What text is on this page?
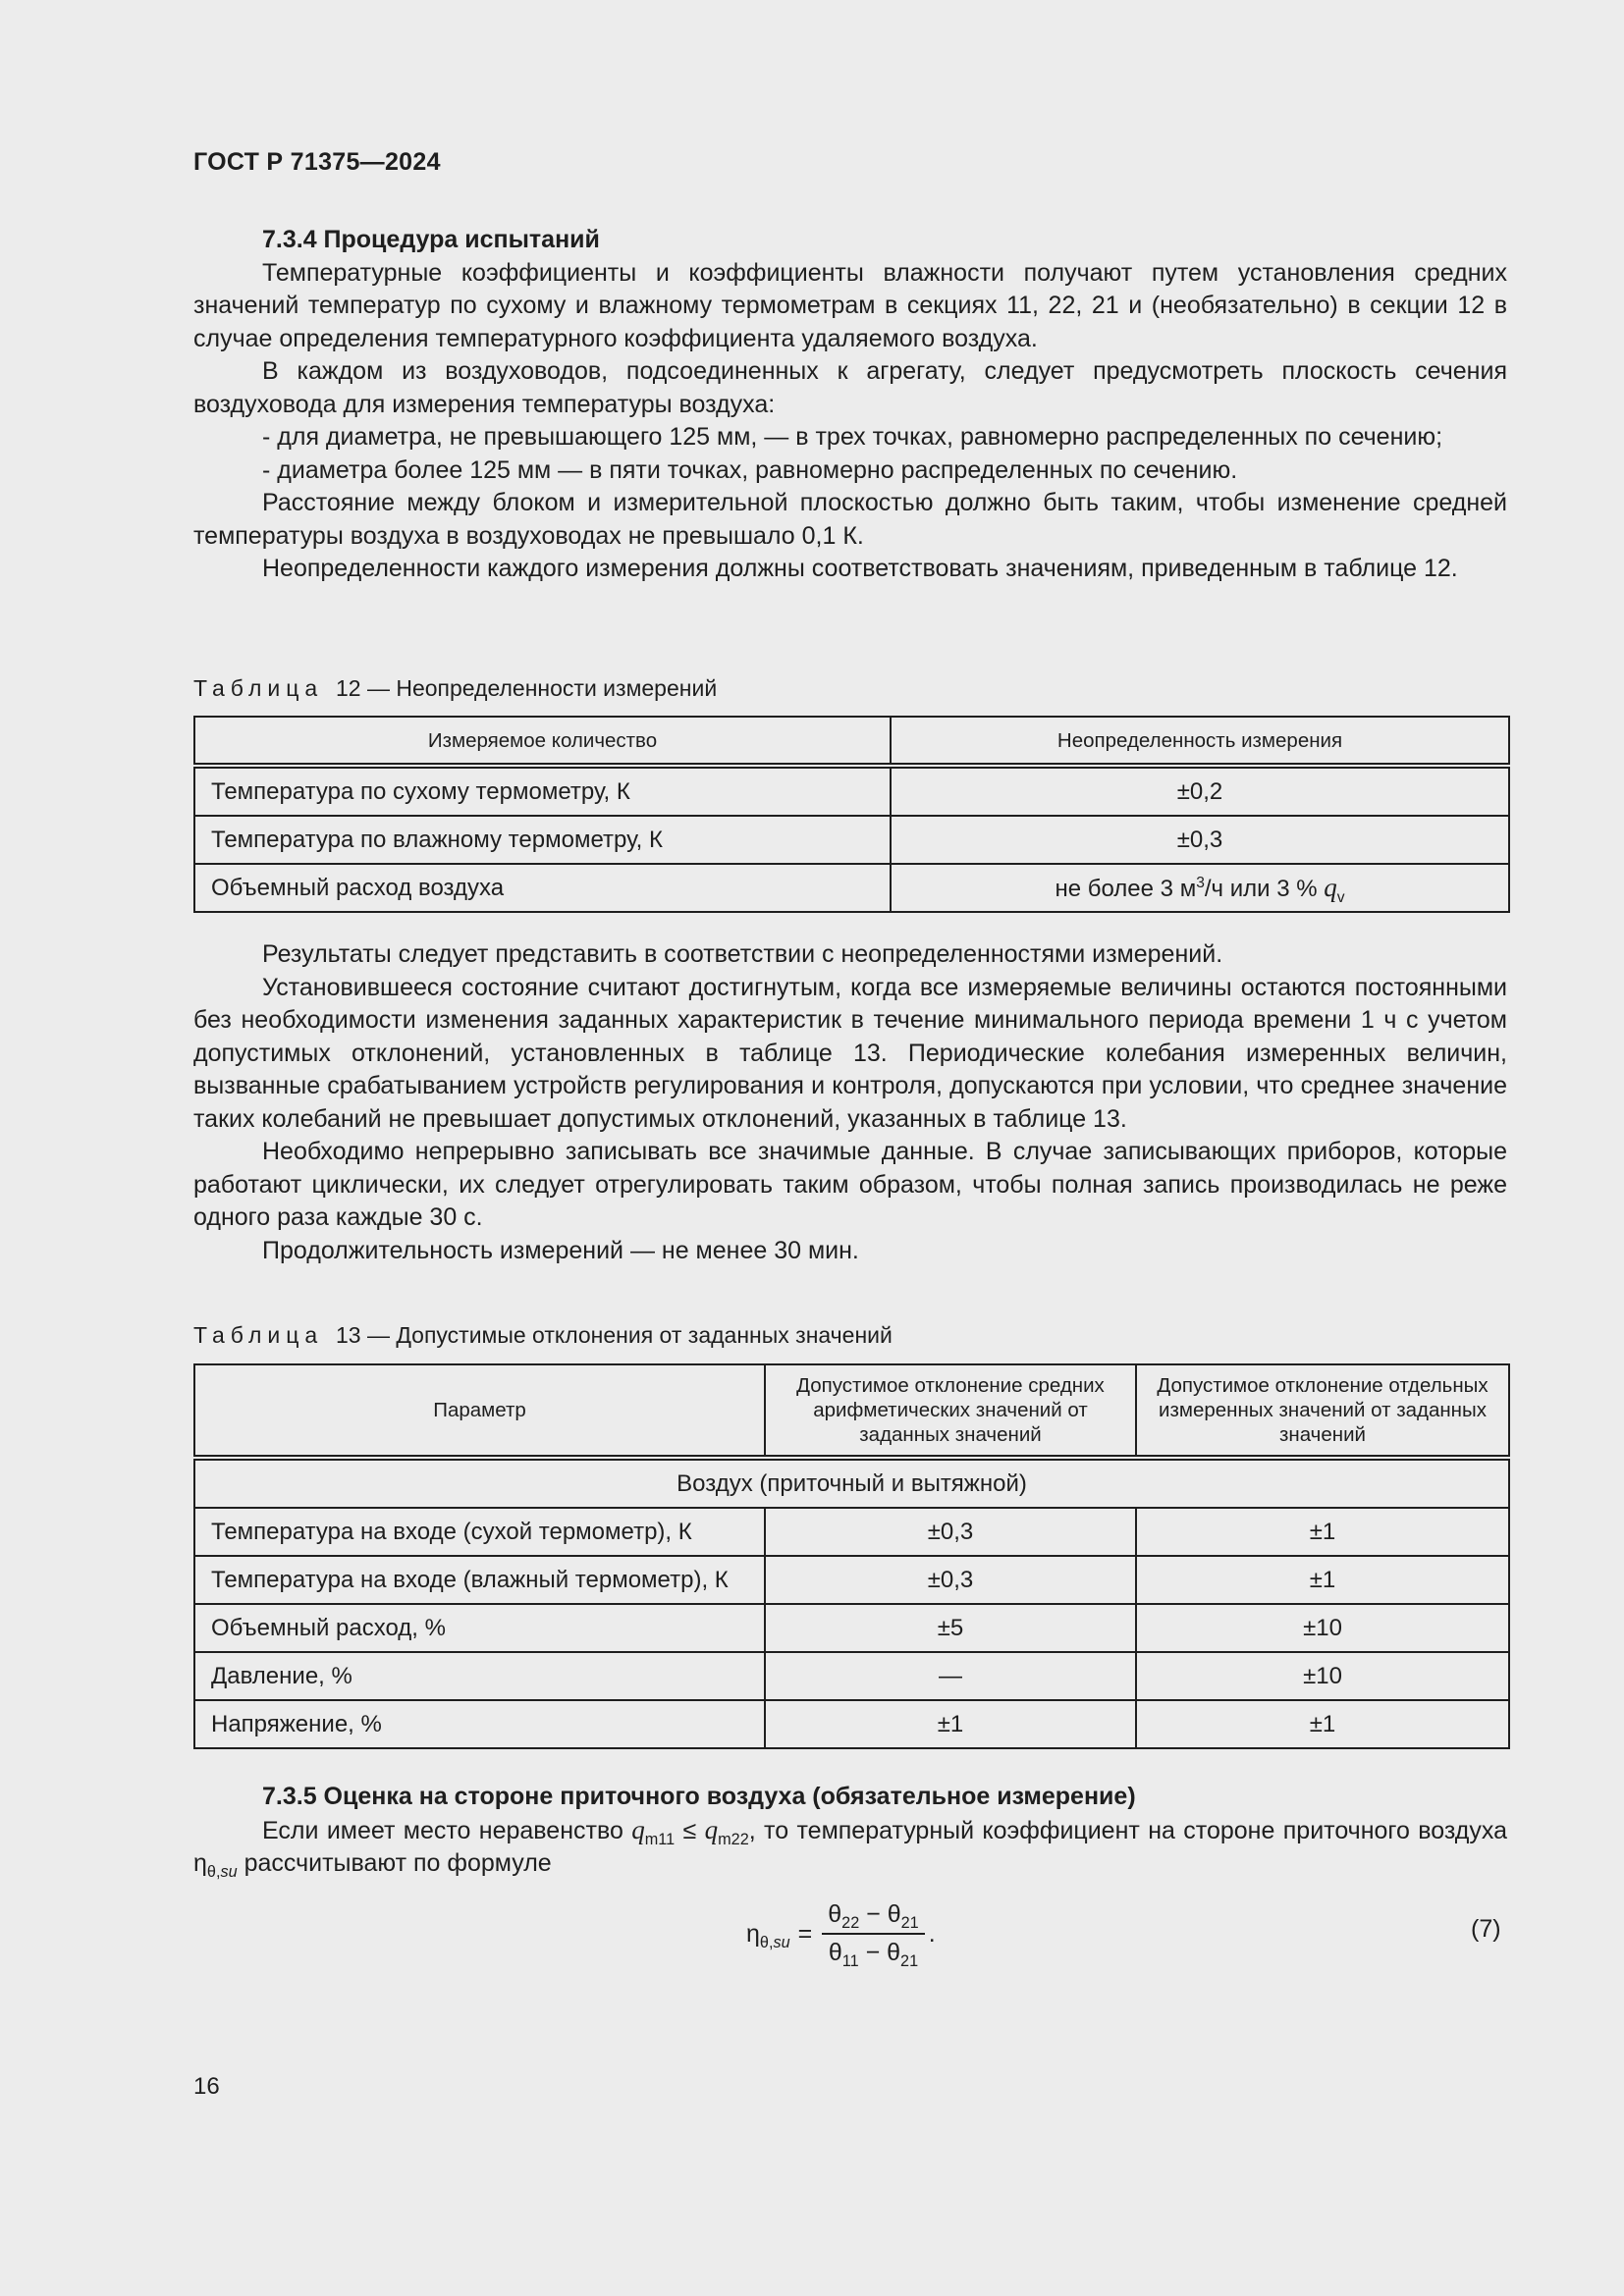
ГОСТ Р 71375—2024

7.3.4 Процедура испытаний

Температурные коэффициенты и коэффициенты влажности получают путем установления средних значений температур по сухому и влажному термометрам в секциях 11, 22, 21 и (необязательно) в секции 12 в случае определения температурного коэффициента удаляемого воздуха.

В каждом из воздуховодов, подсоединенных к агрегату, следует предусмотреть плоскость сечения воздуховода для измерения температуры воздуха:

- для диаметра, не превышающего 125 мм, — в трех точках, равномерно распределенных по сечению;

- диаметра более 125 мм — в пяти точках, равномерно распределенных по сечению.

Расстояние между блоком и измерительной плоскостью должно быть таким, чтобы изменение средней температуры воздуха в воздуховодах не превышало 0,1 К.

Неопределенности каждого измерения должны соответствовать значениям, приведенным в таблице 12.

Таблица 12 — Неопределенности измерений
Измеряемое количество	Неопределенность измерения
Температура по сухому термометру, К	±0,2
Температура по влажному термометру, К	±0,3
Объемный расход воздуха	не более 3 $м^3/ч$ или 3 % $q_v$

Результаты следует представить в соответствии с неопределенностями измерений.

Установившееся состояние считают достигнутым, когда все измеряемые величины остаются постоянными без необходимости изменения заданных характеристик в течение минимального периода времени 1 ч с учетом допустимых отклонений, установленных в таблице 13. Периодические колебания измеренных величин, вызванные срабатыванием устройств регулирования и контроля, допускаются при условии, что среднее значение таких колебаний не превышает допустимых отклонений, указанных в таблице 13.

Необходимо непрерывно записывать все значимые данные. В случае записывающих приборов, которые работают циклически, их следует отрегулировать таким образом, чтобы полная запись производилась не реже одного раза каждые 30 с.

Продолжительность измерений — не менее 30 мин.

Таблица 13 — Допустимые отклонения от заданных значений
Параметр	Допустимое отклонение средних арифметических значений от заданных значений	Допустимое отклонение отдельных измеренных значений от заданных значений
Воздух (приточный и вытяжной)		
Температура на входе (сухой термометр), К	±0,3	±1
Температура на входе (влажный термометр), К	±0,3	±1
Объемный расход, %	±5	±10
Давление, %	—	±10
Напряжение, %	±1	±1

7.3.5 Оценка на стороне приточного воздуха (обязательное измерение)

Если имеет место неравенство $q_{m11} \le q_{m22}$, то температурный коэффициент на стороне приточного воздуха $\eta_{\theta,su}$ рассчитывают по формуле

$\eta_{\theta,su} = \frac{\theta_{22} - \theta_{21}}{\theta_{11} - \theta_{21}}$ .	(7)
16
